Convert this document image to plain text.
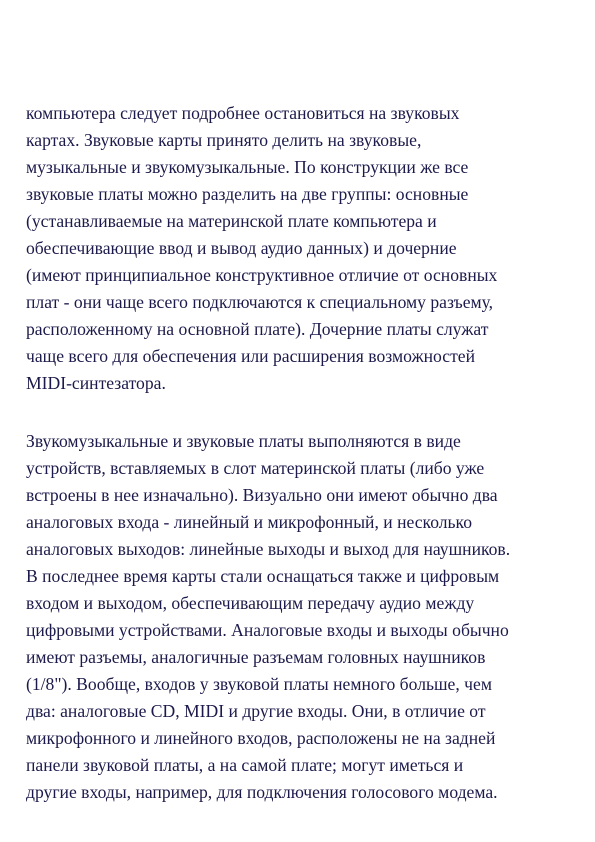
компьютера следует подробнее остановиться на звуковых
картах. Звуковые карты принято делить на звуковые,
музыкальные и звукомузыкальные. По конструкции же все
звуковые платы можно разделить на две группы: основные
(устанавливаемые на материнской плате компьютера и
обеспечивающие ввод и вывод аудио данных) и дочерние
(имеют принципиальное конструктивное отличие от основных
плат - они чаще всего подключаются к специальному разъему,
расположенному на основной плате). Дочерние платы служат
чаще всего для обеспечения или расширения возможностей
MIDI-синтезатора.
Звукомузыкальные и звуковые платы выполняются в виде
устройств, вставляемых в слот материнской платы (либо уже
встроены в нее изначально). Визуально они имеют обычно два
аналоговых входа - линейный и микрофонный, и несколько
аналоговых выходов: линейные выходы и выход для наушников.
В последнее время карты стали оснащаться также и цифровым
входом и выходом, обеспечивающим передачу аудио между
цифровыми устройствами. Аналоговые входы и выходы обычно
имеют разъемы, аналогичные разъемам головных наушников
(1/8"). Вообще, входов у звуковой платы немного больше, чем
два: аналоговые CD, MIDI и другие входы. Они, в отличие от
микрофонного и линейного входов, расположены не на задней
панели звуковой платы, а на самой плате; могут иметься и
другие входы, например, для подключения голосового модема.
